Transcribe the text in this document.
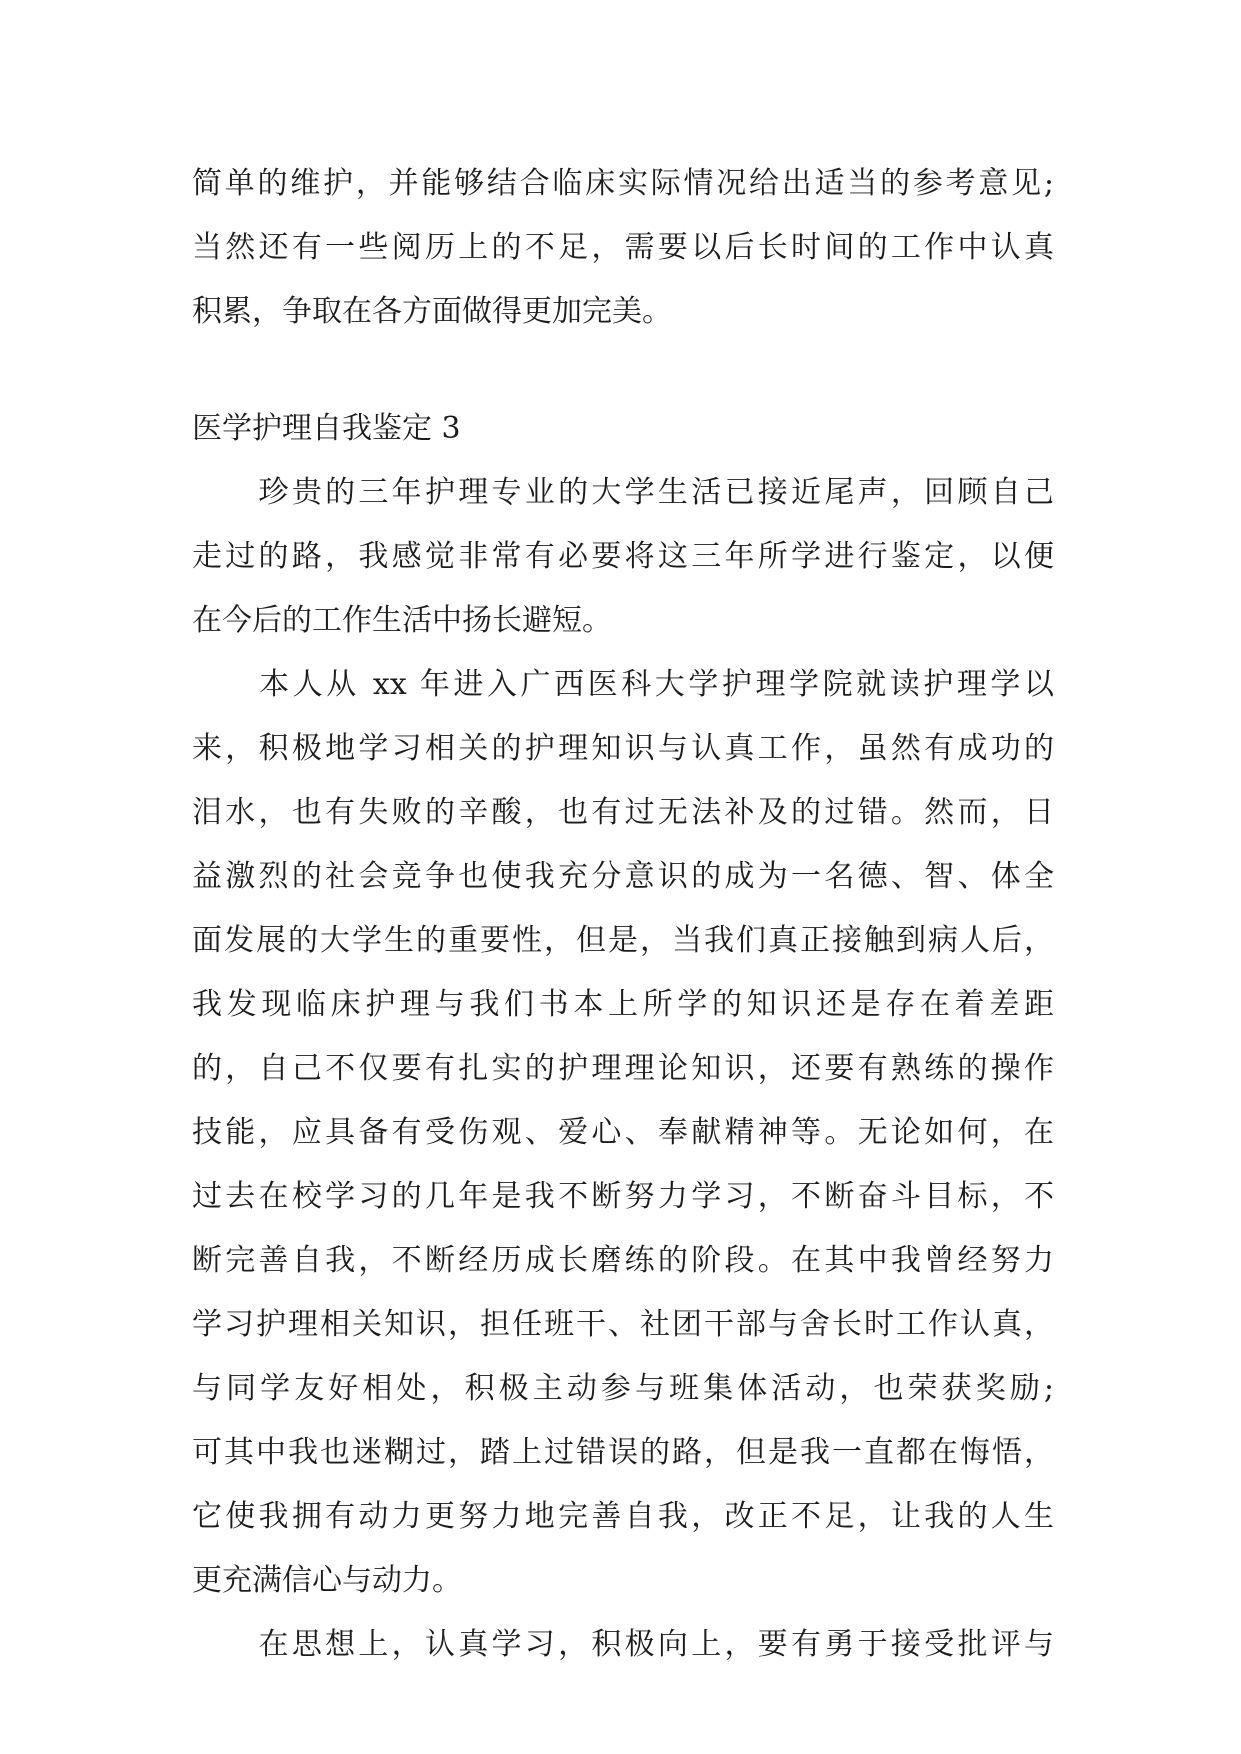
简单的维护，并能够结合临床实际情况给出适当的参考意见;
当然还有一些阅历上的不足，需要以后长时间的工作中认真
积累，争取在各方面做得更加完美。
医学护理自我鉴定 3
　　珍贵的三年护理专业的大学生活已接近尾声，回顾自己
走过的路，我感觉非常有必要将这三年所学进行鉴定，以便
在今后的工作生活中扬长避短。
　　本人从 xx 年进入广西医科大学护理学院就读护理学以
来，积极地学习相关的护理知识与认真工作，虽然有成功的
泪水，也有失败的辛酸，也有过无法补及的过错。然而，日
益激烈的社会竞争也使我充分意识的成为一名德、智、体全
面发展的大学生的重要性，但是，当我们真正接触到病人后，
我发现临床护理与我们书本上所学的知识还是存在着差距
的，自己不仅要有扎实的护理理论知识，还要有熟练的操作
技能，应具备有受伤观、爱心、奉献精神等。无论如何，在
过去在校学习的几年是我不断努力学习，不断奋斗目标，不
断完善自我，不断经历成长磨练的阶段。在其中我曾经努力
学习护理相关知识，担任班干、社团干部与舍长时工作认真，
与同学友好相处，积极主动参与班集体活动，也荣获奖励;
可其中我也迷糊过，踏上过错误的路，但是我一直都在悔悟，
它使我拥有动力更努力地完善自我，改正不足，让我的人生
更充满信心与动力。
　　在思想上，认真学习，积极向上，要有勇于接受批评与
